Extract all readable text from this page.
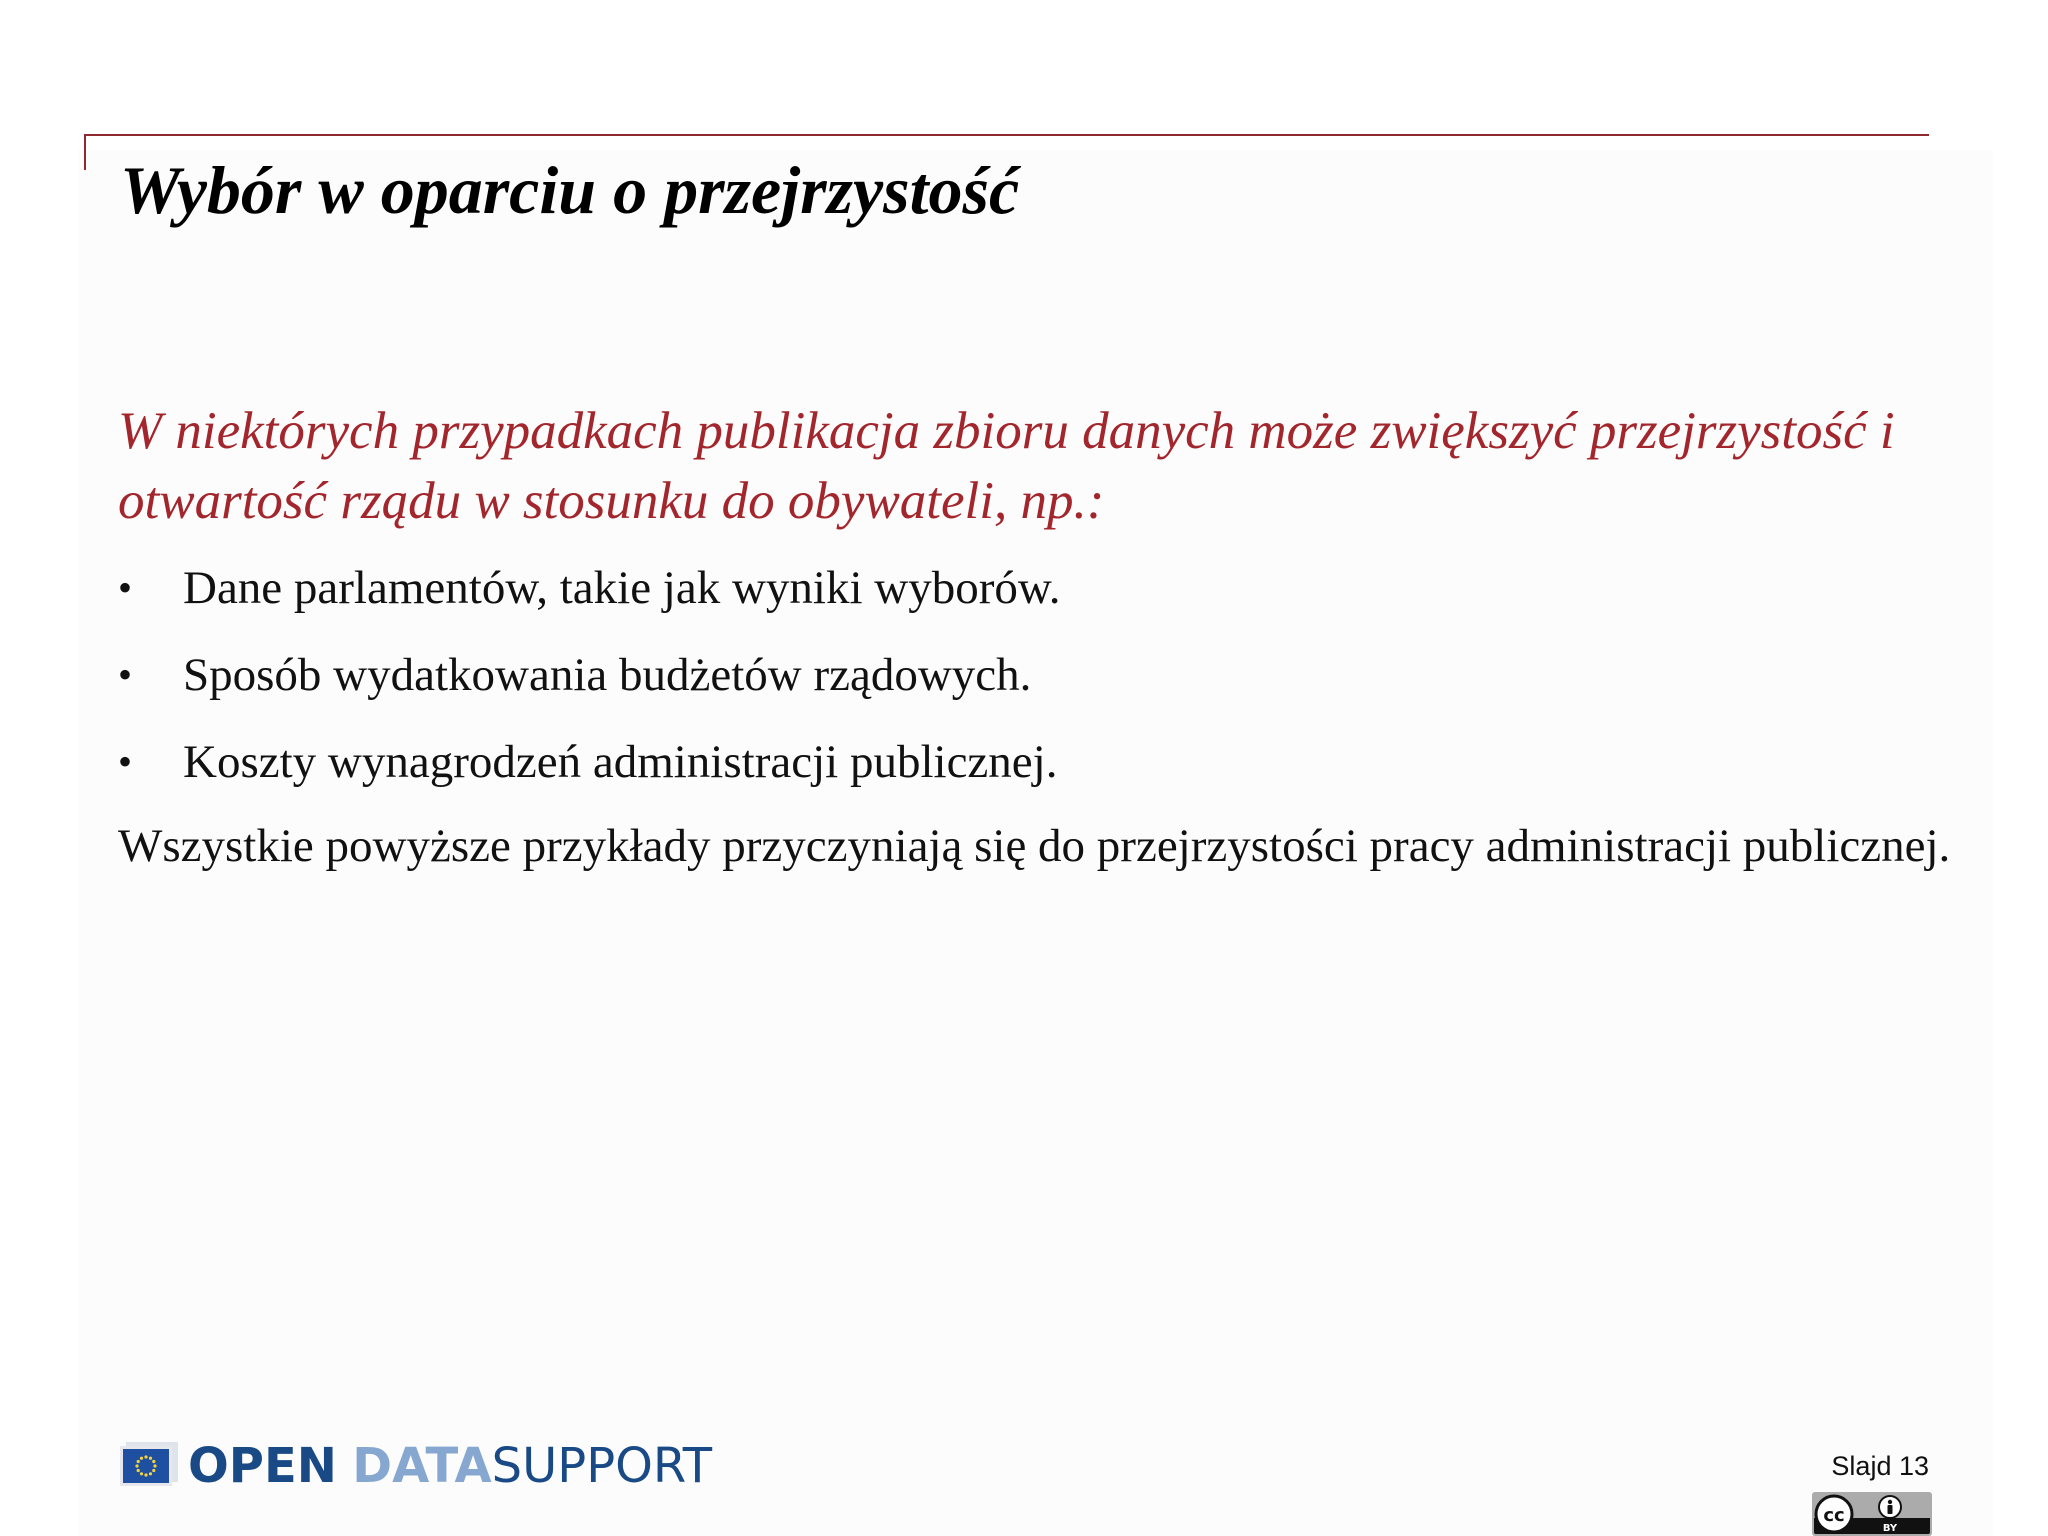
Wybór w oparciu o przejrzystość

W niektórych przypadkach publikacja zbioru danych może zwiększyć przejrzystość i otwartość rządu w stosunku do obywateli, np.:

• Dane parlamentów, takie jak wyniki wyborów.
• Sposób wydatkowania budżetów rządowych.
• Koszty wynagrodzeń administracji publicznej.

Wszystkie powyższe przykłady przyczyniają się do przejrzystości pracy administracji publicznej.

OPEN DATASUPPORT	Slajd 13
cc
BY
